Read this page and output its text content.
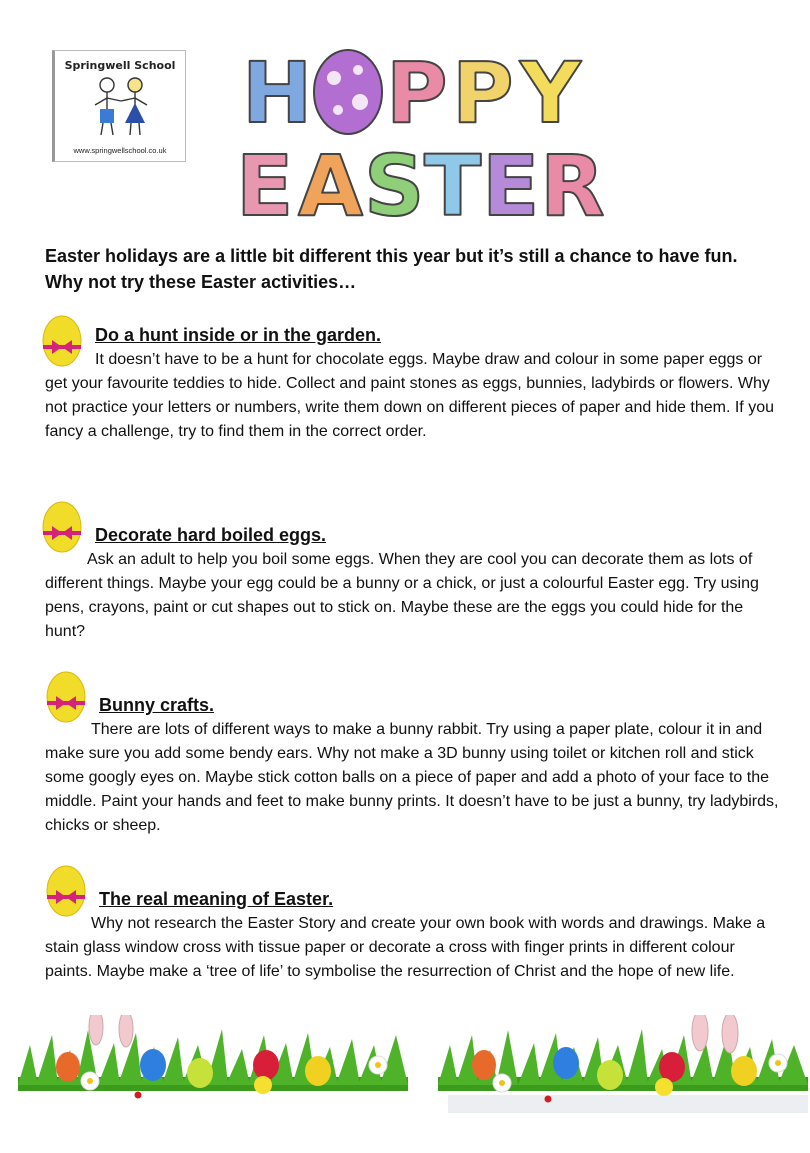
Springwell School
www.springwellschool.co.uk
H P P Y
E A S T E R
Easter holidays are a little bit different this year but it’s still a chance to have fun. Why not try these Easter activities…
Do a hunt inside or in the garden.
It doesn’t have to be a hunt for chocolate eggs. Maybe draw and colour in some paper eggs or get your favourite teddies to hide. Collect and paint stones as eggs, bunnies, ladybirds or flowers. Why not practice your letters or numbers, write them down on different pieces of paper and hide them. If you fancy a challenge, try to find them in the correct order.
Decorate hard boiled eggs.
Ask an adult to help you boil some eggs. When they are cool you can decorate them as lots of different things. Maybe your egg could be a bunny or a chick, or just a colourful Easter egg. Try using pens, crayons, paint or cut shapes out to stick on. Maybe these are the eggs you could hide for the hunt?
Bunny crafts.
There are lots of different ways to make a bunny rabbit. Try using a paper plate, colour it in and make sure you add some bendy ears. Why not make a 3D bunny using toilet or kitchen roll and stick some googly eyes on. Maybe stick cotton balls on a piece of paper and add a photo of your face to the middle. Paint your hands and feet to make bunny prints. It doesn’t have to be just a bunny, try ladybirds, chicks or sheep.
The real meaning of Easter.
Why not research the Easter Story and create your own book with words and drawings. Make a stain glass window cross with tissue paper or decorate a cross with finger prints in different colour paints. Maybe make a ‘tree of life’ to symbolise the resurrection of Christ and the hope of new life.
